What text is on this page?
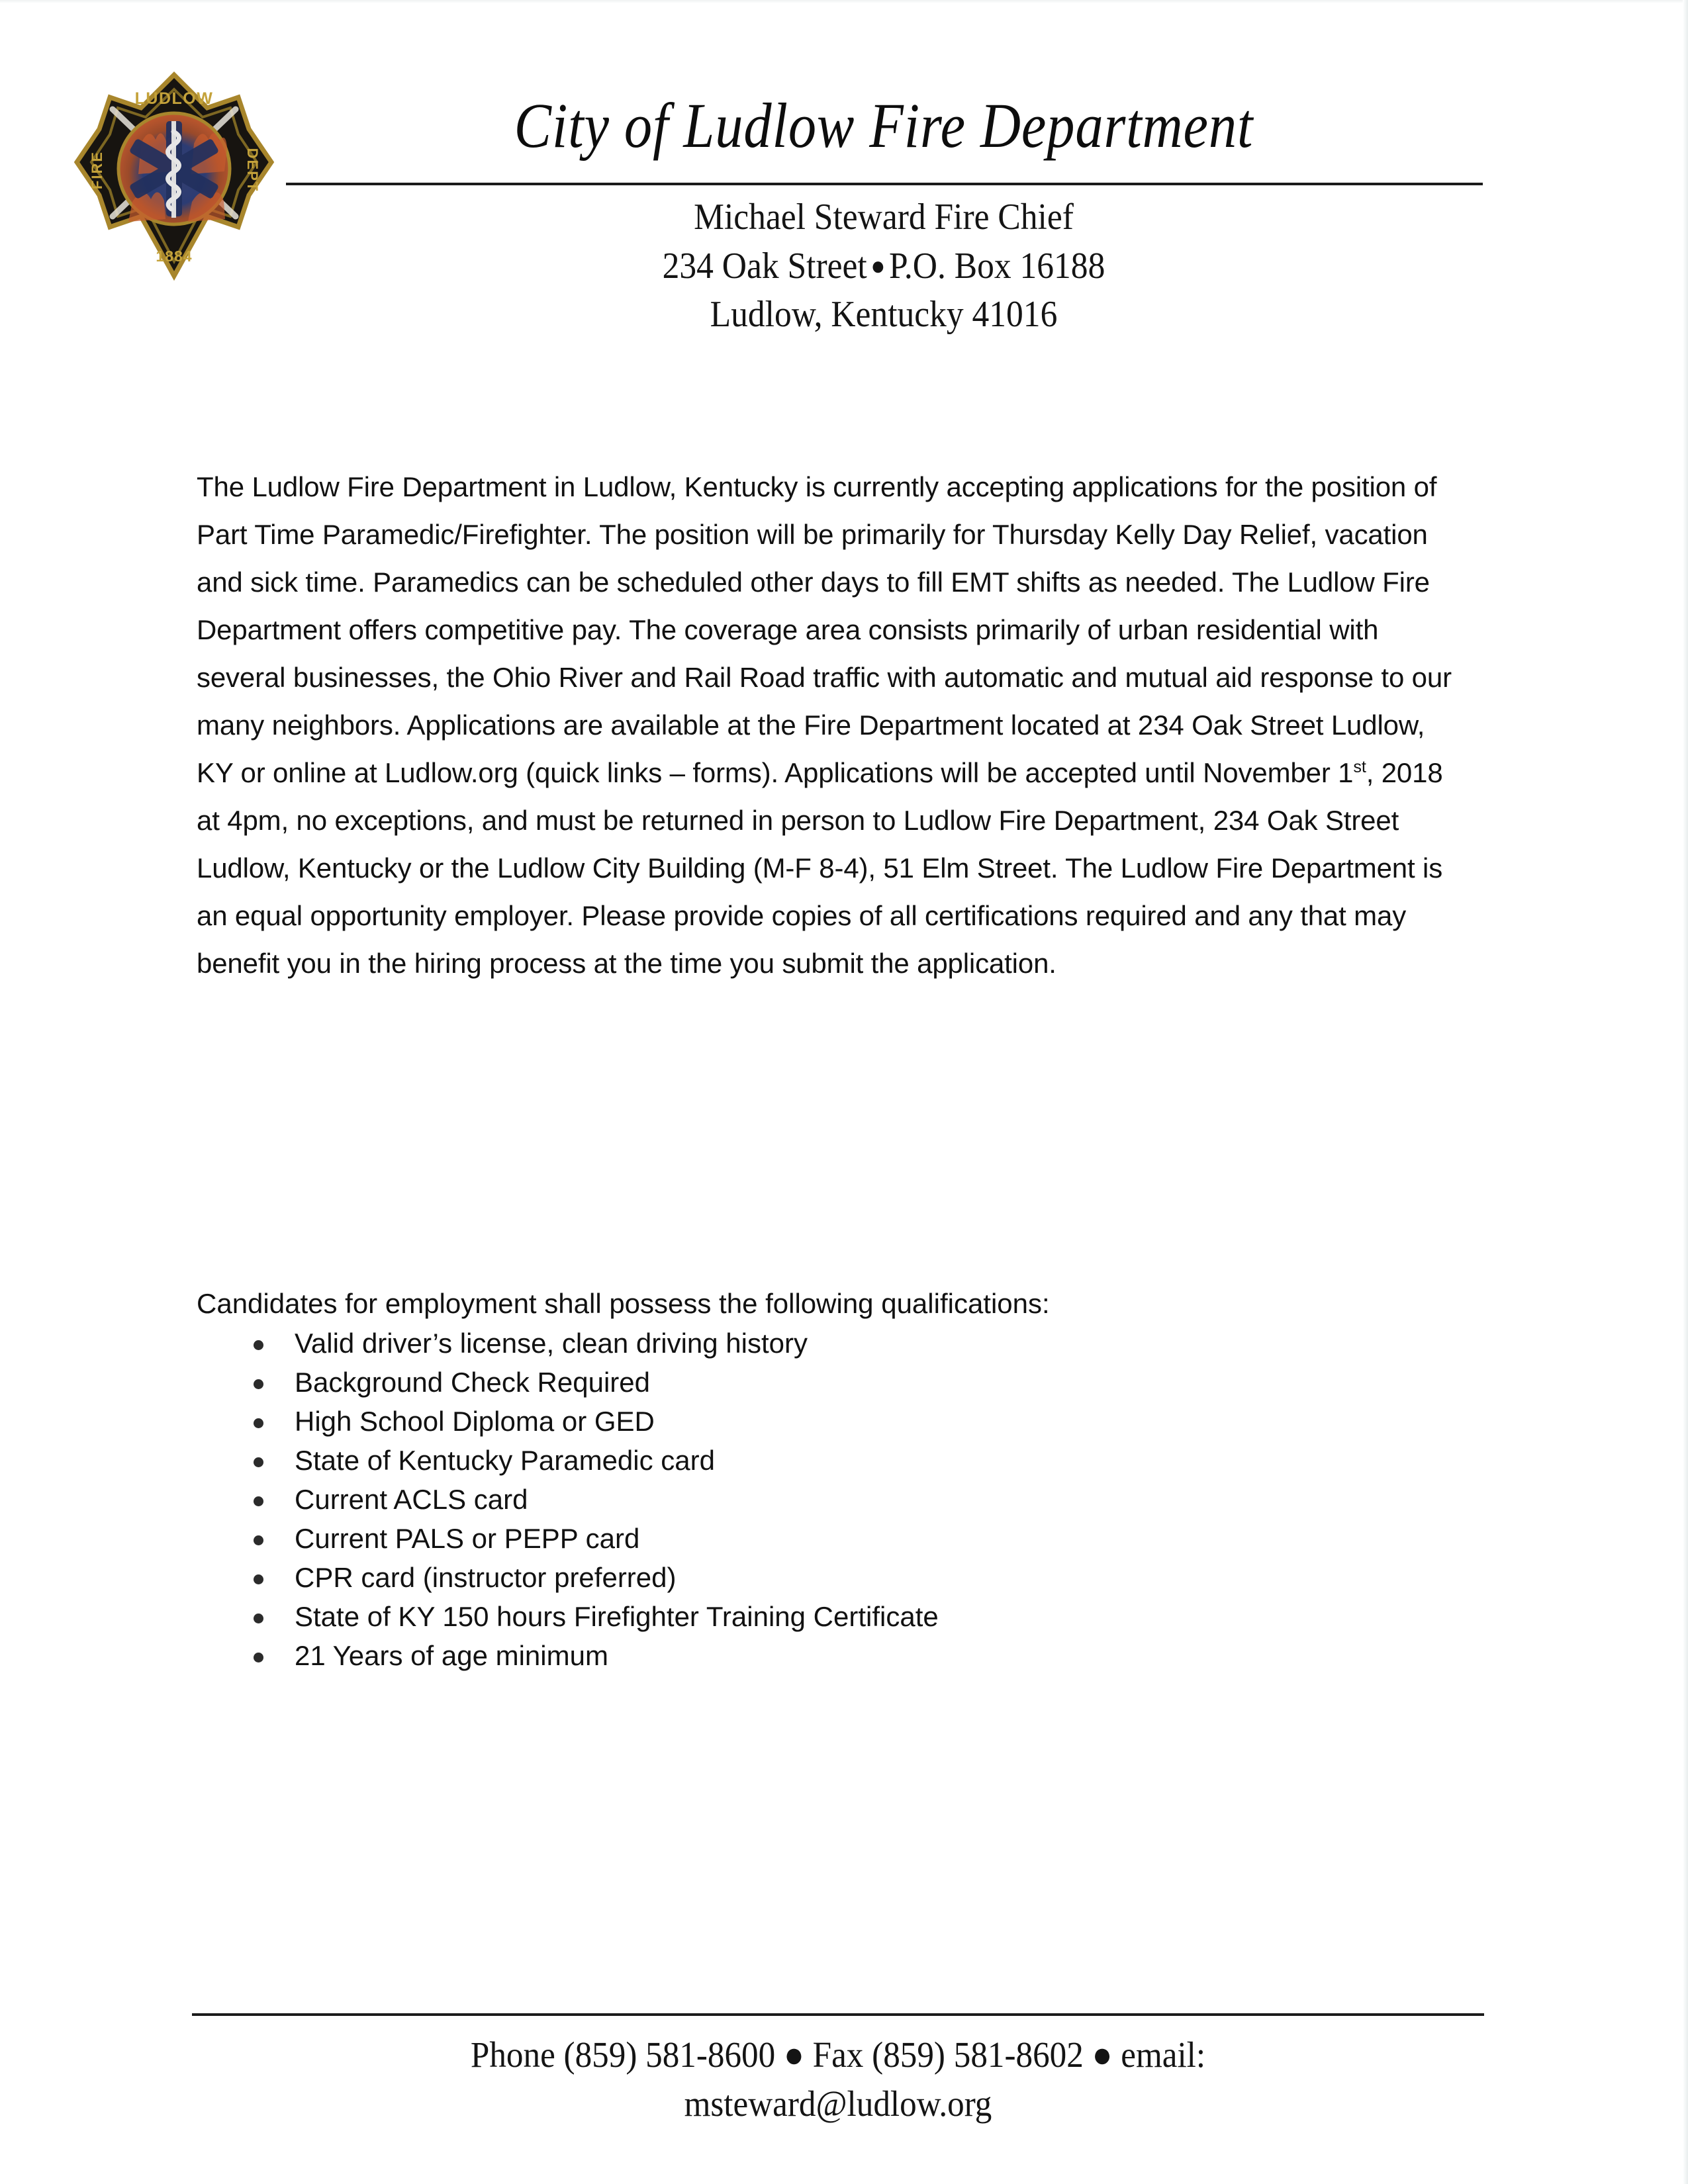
LUDLOW
1884
FIRE	DEPT
City of Ludlow Fire Department
Michael Steward Fire Chief
234 Oak Street ●P.O. Box 16188
Ludlow, Kentucky 41016

The Ludlow Fire Department in Ludlow, Kentucky is currently accepting applications for the position of Part Time Paramedic/Firefighter. The position will be primarily for Thursday Kelly Day Relief, vacation and sick time. Paramedics can be scheduled other days to fill EMT shifts as needed. The Ludlow Fire Department offers competitive pay. The coverage area consists primarily of urban residential with several businesses, the Ohio River and Rail Road traffic with automatic and mutual aid response to our many neighbors. Applications are available at the Fire Department located at 234 Oak Street Ludlow, KY or online at Ludlow.org (quick links – forms). Applications will be accepted until November 1st, 2018 at 4pm, no exceptions, and must be returned in person to Ludlow Fire Department, 234 Oak Street Ludlow, Kentucky or the Ludlow City Building (M-F 8-4), 51 Elm Street. The Ludlow Fire Department is an equal opportunity employer. Please provide copies of all certifications required and any that may benefit you in the hiring process at the time you submit the application.

Candidates for employment shall possess the following qualifications:

Valid driver’s license, clean driving history
Background Check Required
High School Diploma or GED
State of Kentucky Paramedic card
Current ACLS card
Current PALS or PEPP card
CPR card (instructor preferred)
State of KY 150 hours Firefighter Training Certificate
21 Years of age minimum
Phone (859) 581-8600 ● Fax (859) 581-8602 ● email:
msteward@ludlow.org
